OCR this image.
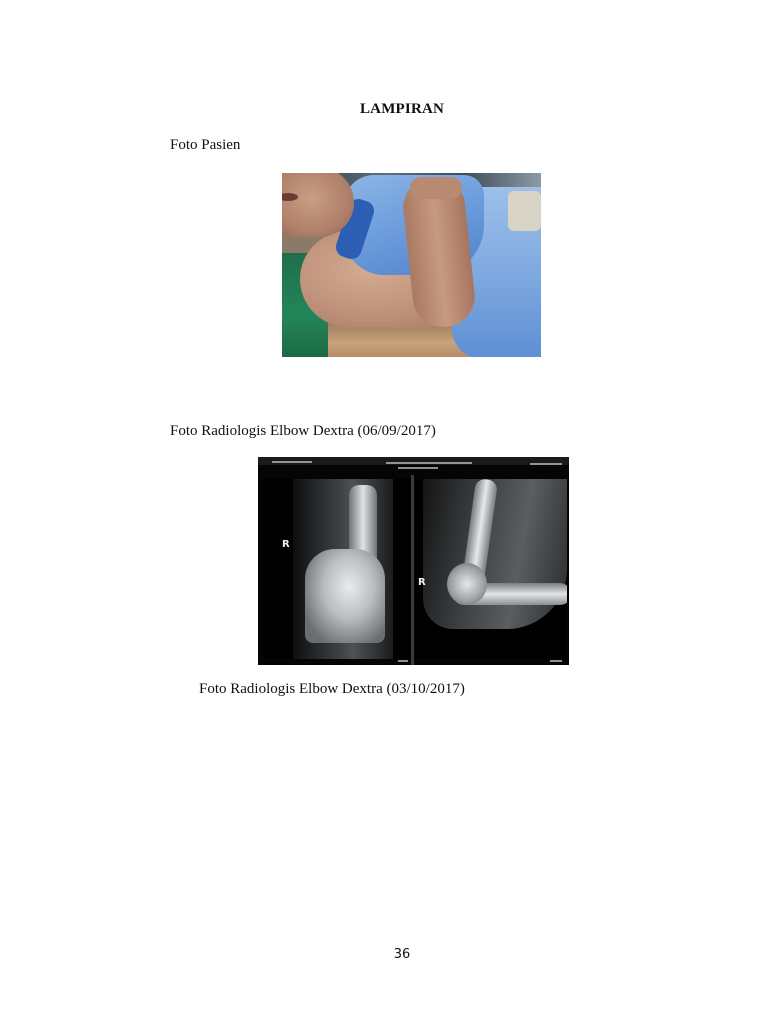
LAMPIRAN
Foto Pasien
Foto Radiologis Elbow Dextra (06/09/2017)
R
R
Foto Radiologis Elbow Dextra (03/10/2017)
36
